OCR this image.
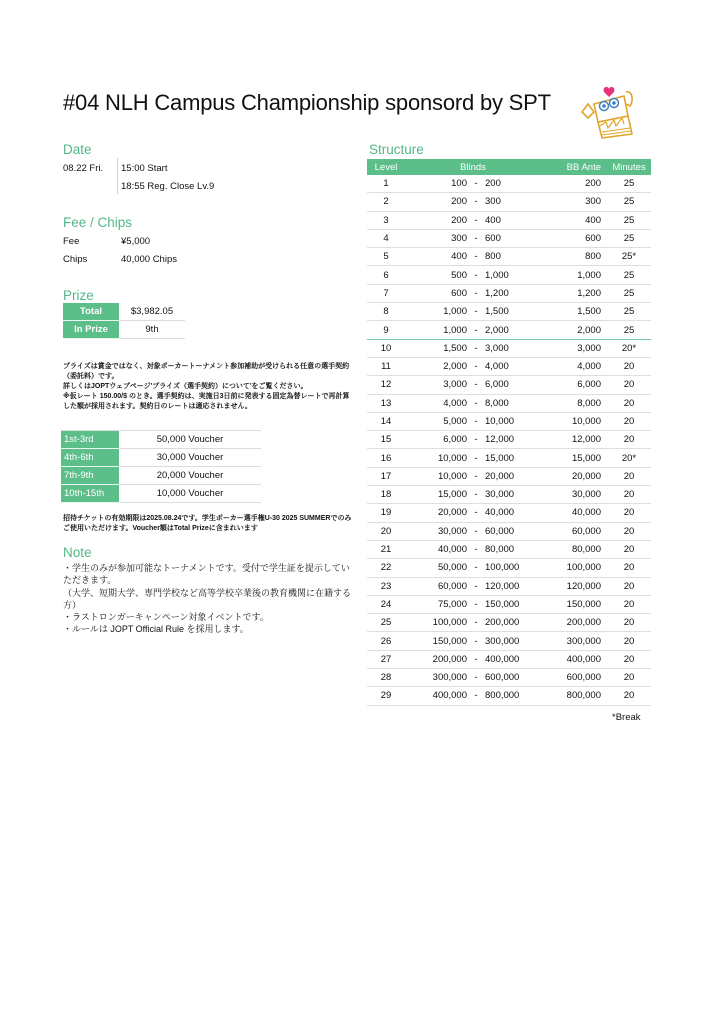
#04 NLH Campus Championship sponsord by SPT
Date
08.22 Fri. 15:00 Start
18:55 Reg. Close Lv.9
Fee / Chips
Fee	¥5,000
Chips	40,000 Chips
Prize
Total	$3,982.05
In Prize	9th
プライズは賞金ではなく、対象ポーカートーナメント参加補助が受けられる任意の選手契約（委託料）です。
詳しくはJOPTウェブページ'プライズ（選手契約）について'をご覧ください。
※仮レート 150.00/$ のとき。選手契約は、実施日3日前に発表する固定為替レートで再計算した額が採用されます。契約日のレートは適応されません。
1st-3rd	50,000 Voucher
4th-6th	30,000 Voucher
7th-9th	20,000 Voucher
10th-15th	10,000 Voucher
招待チケットの有効期限は2025.08.24です。学生ポーカー選手権U-30 2025 SUMMERでのみご使用いただけます。Voucher額はTotal Prizeに含まれいます
Note
・学生のみが参加可能なトーナメントです。受付で学生証を提示していただきます。
（大学、短期大学、専門学校など高等学校卒業後の教育機関に在籍する方）
・ラストロンガーキャンペーン対象イベントです。
・ルールは JOPT Official Rule を採用します。
Structure
Level	Blinds			BB Ante	Minutes
1	100	-	200	200	25
2	200	-	300	300	25
3	200	-	400	400	25
4	300	-	600	600	25
5	400	-	800	800	25*
6	500	-	1,000	1,000	25
7	600	-	1,200	1,200	25
8	1,000	-	1,500	1,500	25
9	1,000	-	2,000	2,000	25
10	1,500	-	3,000	3,000	20*
11	2,000	-	4,000	4,000	20
12	3,000	-	6,000	6,000	20
13	4,000	-	8,000	8,000	20
14	5,000	-	10,000	10,000	20
15	6,000	-	12,000	12,000	20
16	10,000	-	15,000	15,000	20*
17	10,000	-	20,000	20,000	20
18	15,000	-	30,000	30,000	20
19	20,000	-	40,000	40,000	20
20	30,000	-	60,000	60,000	20
21	40,000	-	80,000	80,000	20
22	50,000	-	100,000	100,000	20
23	60,000	-	120,000	120,000	20
24	75,000	-	150,000	150,000	20
25	100,000	-	200,000	200,000	20
26	150,000	-	300,000	300,000	20
27	200,000	-	400,000	400,000	20
28	300,000	-	600,000	600,000	20
29	400,000	-	800,000	800,000	20
*Break
